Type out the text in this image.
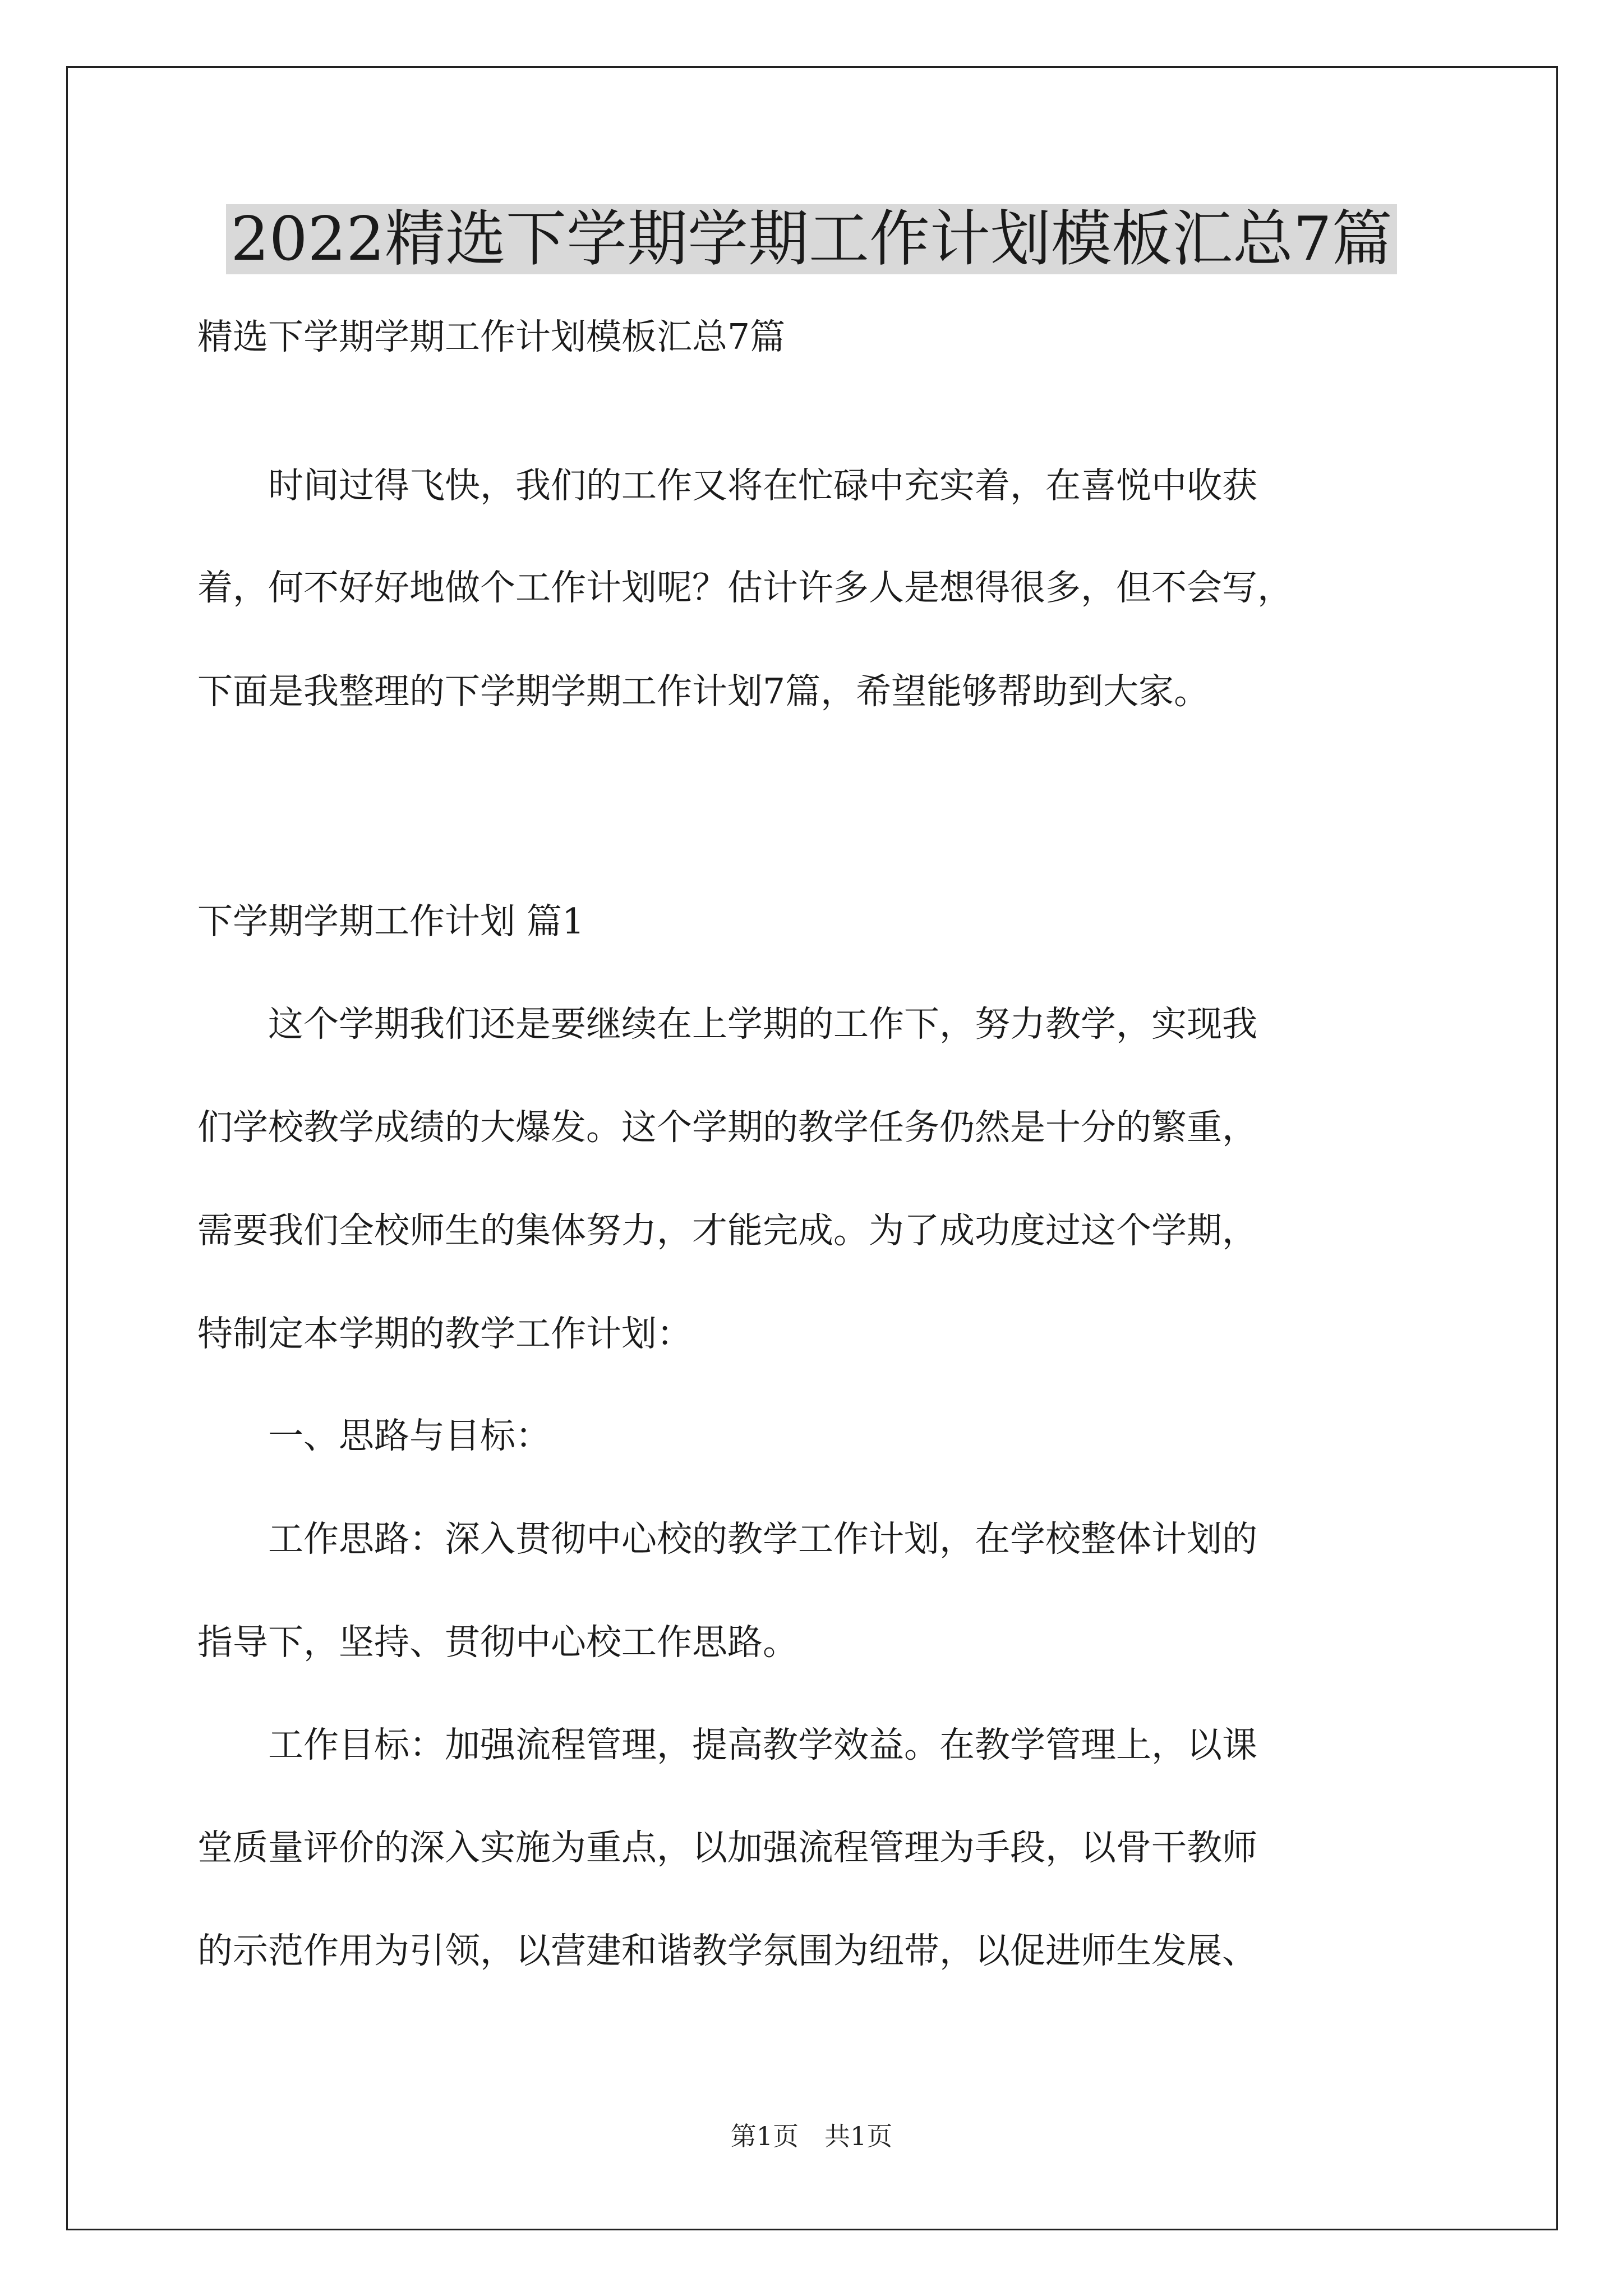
2022精选下学期学期工作计划模板汇总7篇

精选下学期学期工作计划模板汇总7篇

　　时间过得飞快，我们的工作又将在忙碌中充实着，在喜悦中收获

着，何不好好地做个工作计划呢？估计许多人是想得很多，但不会写，

下面是我整理的下学期学期工作计划7篇，希望能够帮助到大家。

下学期学期工作计划 篇1

　　这个学期我们还是要继续在上学期的工作下，努力教学，实现我

们学校教学成绩的大爆发。这个学期的教学任务仍然是十分的繁重，

需要我们全校师生的集体努力，才能完成。为了成功度过这个学期，

特制定本学期的教学工作计划：

　　一、思路与目标：

　　工作思路：深入贯彻中心校的教学工作计划，在学校整体计划的

指导下，坚持、贯彻中心校工作思路。

　　工作目标：加强流程管理，提高教学效益。在教学管理上，以课

堂质量评价的深入实施为重点，以加强流程管理为手段，以骨干教师

的示范作用为引领，以营建和谐教学氛围为纽带，以促进师生发展、

第1页　共1页
